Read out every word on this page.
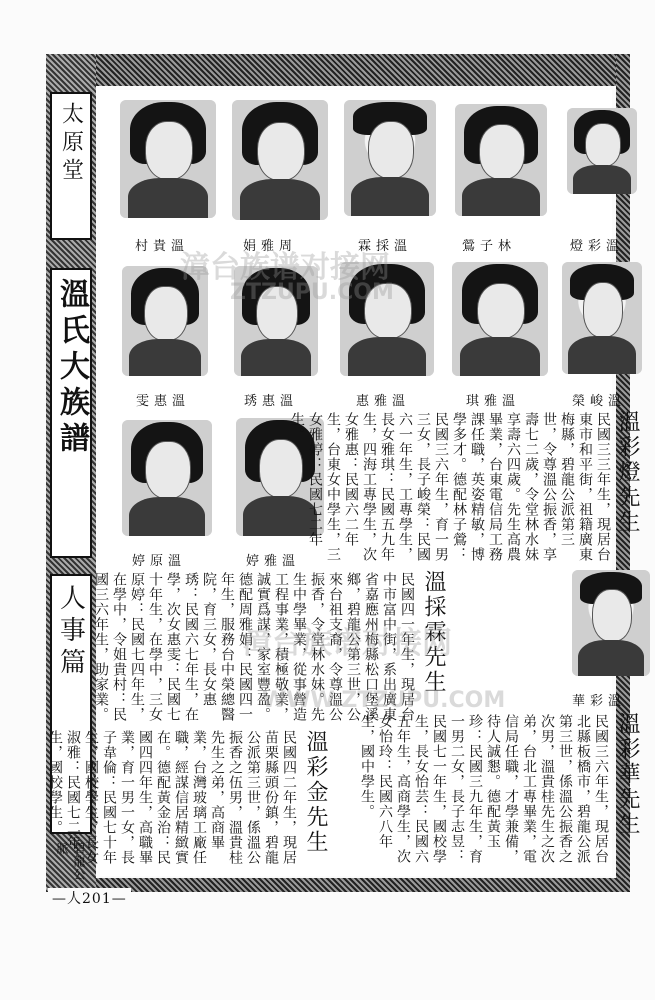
太原堂
溫氏大族譜
人事篇
碧龍公脈
—人201—
溫彩燈
林子鶯
溫採霖
周雅娟
溫貴村
溫峻榮
溫雅琪
溫雅惠
溫惠琇
溫惠雯
溫雅婷
溫原婷
溫彩華
溫彩燈先生
民國三三年生，現居台東市和平街，祖籍廣東梅縣，碧龍公派第三世，令尊溫公振香，享壽七二歲，令堂林水妹享壽六四歲。先生高農畢業，台東電信局工務課任職，英姿精敏，博學多才。德配林子鶯：民國三六年生，育一男三女，長子峻榮：民國六一年生，工專學生，長女雅琪：民國五九年生，四海工專學生，次女雅惠：民國六二年生，台東女中學生，三女雅婷：民國七二年生。
溫採霖先生
民國四一年生，現居台中市富中街，系出廣東省嘉應州梅縣松口堡溪鄉，碧龍公第三世，公來台祖支裔，令尊溫公振香，令堂林水妹。先生中學畢業，從事營造工程事業，積極敬業，誠實爲謀，家室豐盈。德配周雅娟：民國四一年生，服務台中榮總醫院，育三女，長女惠琇：民國六七年生，在學，次女惠雯：民國七十年生，在學中，三女原婷：民國七四年生，在學中，令姐貴村：民國三六年生，助家業。
溫彩華先生
民國三六年生，現居台北縣板橋市，碧龍公派第三世，係溫公振香之次男，溫貴桂先生之次弟，台北工專畢業，電信局任職，才學兼備，待人誠懇。德配黃玉珍：民國三九年生，育一男二女，長子志昱：民國七一年生，國校學生，長女怡芸：民國六五年生，高商學生，次女怡玲：民國六八年生，國中學生。
溫彩金先生
民國四二年生，現居苗栗縣頭份鎮，碧龍公派第三世，係溫公振香之伍男，溫貴桂先生之弟，高商畢業，台灣玻璃工廠任職，經謀信居精緻實在。德配黃金治：民國四四年生，高職畢業，育一男一女，長子韋倫：民國七十年生，國校學生，長女淑雅：民國七二年生，國校學生。
漳台族谱对接网
ZTZUPU.COM
漳台族谱对接网
WWW.ZTZUPU.COM
